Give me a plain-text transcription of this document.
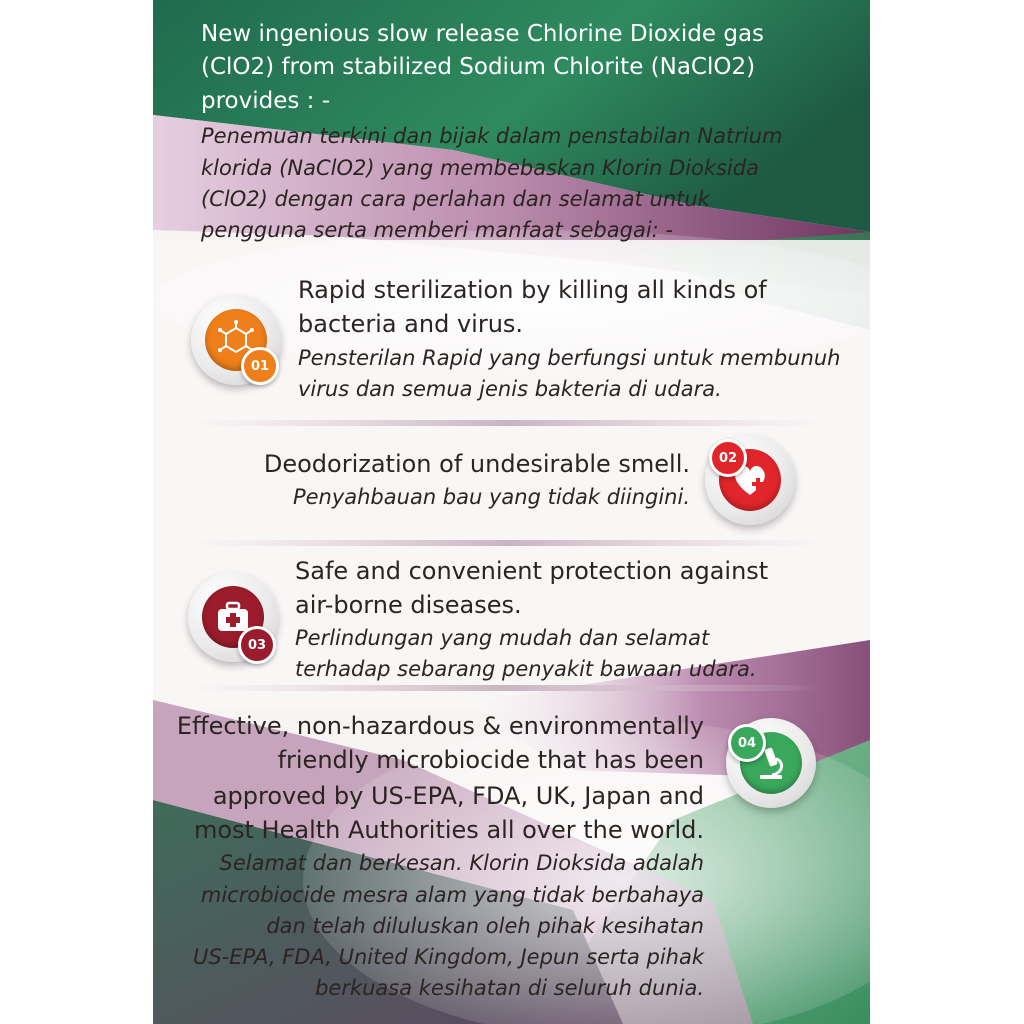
New ingenious slow release Chlorine Dioxide gas
(ClO2) from stabilized Sodium Chlorite (NaClO2)
provides : -
Penemuan terkini dan bijak dalam penstabilan Natrium
klorida (NaClO2) yang membebaskan Klorin Dioksida
(ClO2) dengan cara perlahan dan selamat untuk
pengguna serta memberi manfaat sebagai: -
01
Rapid sterilization by killing all kinds of
bacteria and virus.
Pensterilan Rapid yang berfungsi untuk membunuh
virus dan semua jenis bakteria di udara.
Deodorization of undesirable smell.
Penyahbauan bau yang tidak diingini.
02
03
Safe and convenient protection against
air-borne diseases.
Perlindungan yang mudah dan selamat
terhadap sebarang penyakit bawaan udara.
Effective, non-hazardous & environmentally
friendly microbiocide that has been
approved by US-EPA, FDA, UK, Japan and
most Health Authorities all over the world.
Selamat dan berkesan. Klorin Dioksida adalah
microbiocide mesra alam yang tidak berbahaya
dan telah diluluskan oleh pihak kesihatan
US-EPA, FDA, United Kingdom, Jepun serta pihak
berkuasa kesihatan di seluruh dunia.
04
